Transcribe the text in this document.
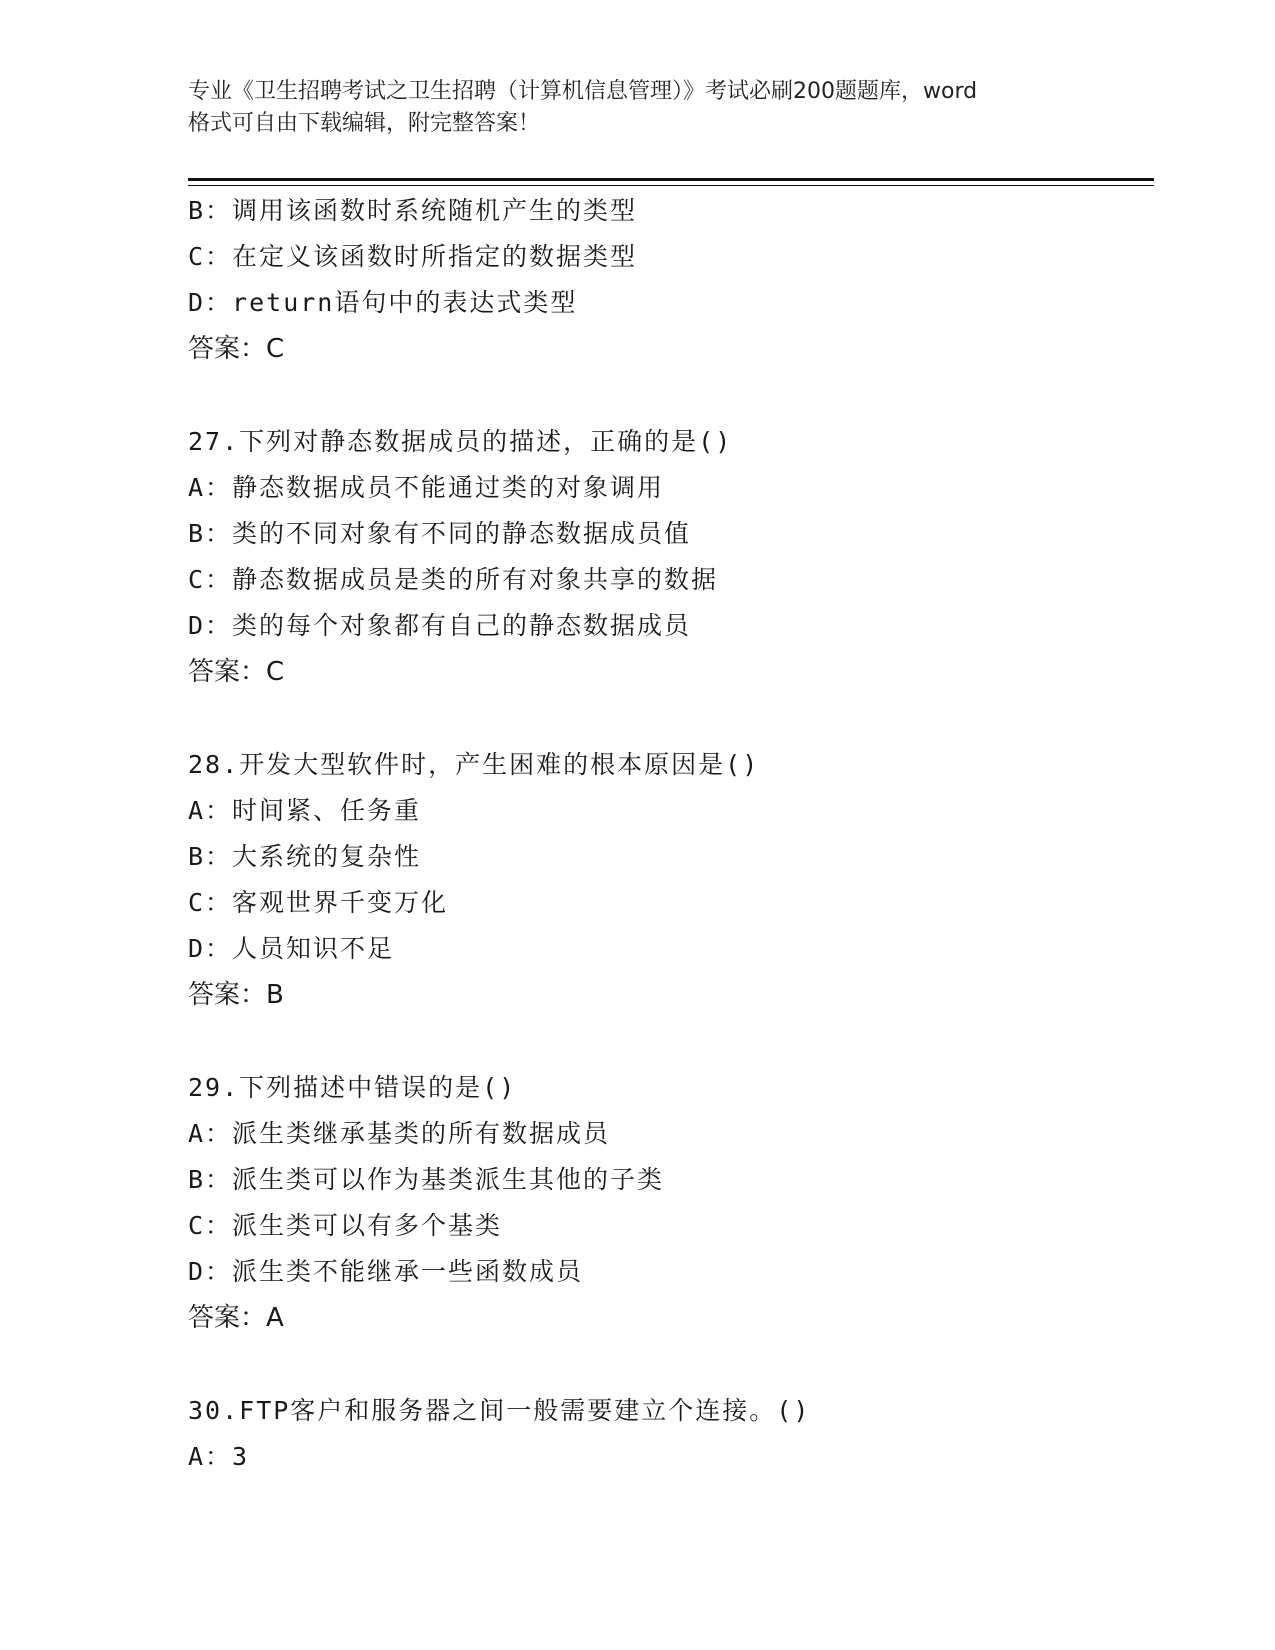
专业《卫生招聘考试之卫生招聘（计算机信息管理）》考试必刷200题题库，word
格式可自由下载编辑，附完整答案！
B：调用该函数时系统随机产生的类型
C：在定义该函数时所指定的数据类型
D：return语句中的表达式类型
答案：C
27.下列对静态数据成员的描述，正确的是()
A：静态数据成员不能通过类的对象调用
B：类的不同对象有不同的静态数据成员值
C：静态数据成员是类的所有对象共享的数据
D：类的每个对象都有自己的静态数据成员
答案：C
28.开发大型软件时，产生困难的根本原因是()
A：时间紧、任务重
B：大系统的复杂性
C：客观世界千变万化
D：人员知识不足
答案：B
29.下列描述中错误的是()
A：派生类继承基类的所有数据成员
B：派生类可以作为基类派生其他的子类
C：派生类可以有多个基类
D：派生类不能继承一些函数成员
答案：A
30.FTP客户和服务器之间一般需要建立个连接。()
A：3
